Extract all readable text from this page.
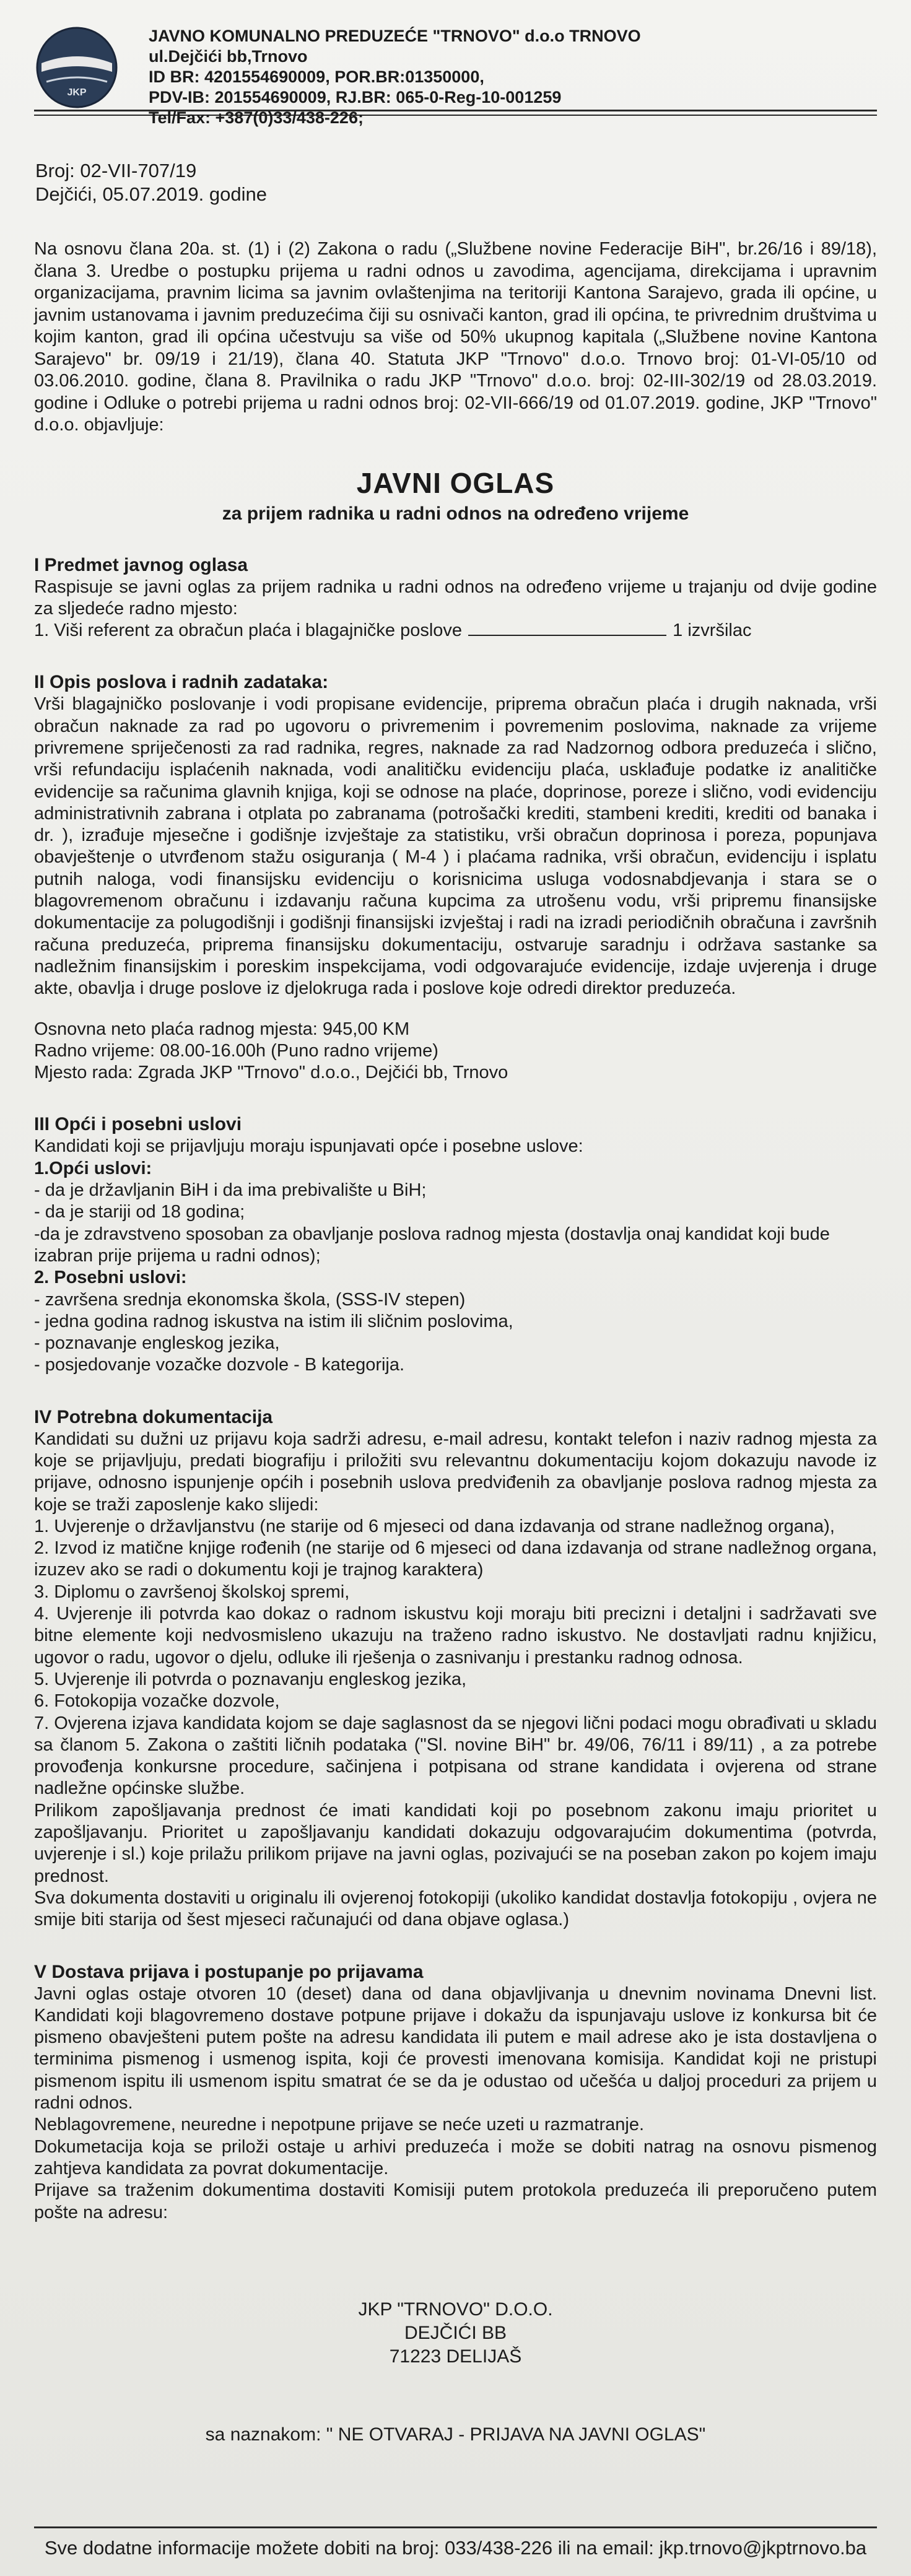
JKP
JAVNO KOMUNALNO PREDUZEĆE "TRNOVO" d.o.o TRNOVO
ul.Dejčići bb,Trnovo
ID BR: 4201554690009, POR.BR:01350000,
PDV-IB: 201554690009, RJ.BR: 065-0-Reg-10-001259
Tel/Fax: +387(0)33/438-226;
Broj: 02-VII-707/19
Dejčići, 05.07.2019. godine
Na osnovu člana 20a. st. (1) i (2) Zakona o radu („Službene novine Federacije BiH", br.26/16 i 89/18), člana 3. Uredbe o postupku prijema u radni odnos u zavodima, agencijama, direkcijama i upravnim organizacijama, pravnim licima sa javnim ovlaštenjima na teritoriji Kantona Sarajevo, grada ili općine, u javnim ustanovama i javnim preduzećima čiji su osnivači kanton, grad ili općina, te privrednim društvima u kojim kanton, grad ili općina učestvuju sa više od 50% ukupnog kapitala („Službene novine Kantona Sarajevo" br. 09/19 i 21/19), člana 40. Statuta JKP "Trnovo" d.o.o. Trnovo broj: 01-VI-05/10 od 03.06.2010. godine, člana 8. Pravilnika o radu JKP "Trnovo" d.o.o. broj: 02-III-302/19 od 28.03.2019. godine i Odluke o potrebi prijema u radni odnos broj: 02-VII-666/19 od 01.07.2019. godine, JKP "Trnovo" d.o.o. objavljuje:
JAVNI OGLAS
za prijem radnika u radni odnos na određeno vrijeme
I Predmet javnog oglasa
Raspisuje se javni oglas za prijem radnika u radni odnos na određeno vrijeme u trajanju od dvije godine za sljedeće radno mjesto:
1. Viši referent za obračun plaća i blagajničke poslove	1 izvršilac
II Opis poslova i radnih zadataka:
Vrši blagajničko poslovanje i vodi propisane evidencije, priprema obračun plaća i drugih naknada, vrši obračun naknade za rad po ugovoru o privremenim i povremenim poslovima, naknade za vrijeme privremene spriječenosti za rad radnika, regres, naknade za rad Nadzornog odbora preduzeća i slično, vrši refundaciju isplaćenih naknada, vodi analitičku evidenciju plaća, usklađuje podatke iz analitičke evidencije sa računima glavnih knjiga, koji se odnose na plaće, doprinose, poreze i slično, vodi evidenciju administrativnih zabrana i otplata po zabranama (potrošački krediti, stambeni krediti, krediti od banaka i dr. ), izrađuje mjesečne i godišnje izvještaje za statistiku, vrši obračun doprinosa i poreza, popunjava obavještenje o utvrđenom stažu osiguranja ( M-4 ) i plaćama radnika, vrši obračun, evidenciju i isplatu putnih naloga, vodi finansijsku evidenciju o korisnicima usluga vodosnabdjevanja i stara se o blagovremenom obračunu i izdavanju računa kupcima za utrošenu vodu, vrši pripremu finansijske dokumentacije za polugodišnji i godišnji finansijski izvještaj i radi na izradi periodičnih obračuna i završnih računa preduzeća, priprema finansijsku dokumentaciju, ostvaruje saradnju i održava sastanke sa nadležnim finansijskim i poreskim inspekcijama, vodi odgovarajuće evidencije, izdaje uvjerenja i druge akte, obavlja i druge poslove iz djelokruga rada i poslove koje odredi direktor preduzeća.
Osnovna neto plaća radnog mjesta: 945,00 KM
Radno vrijeme: 08.00-16.00h (Puno radno vrijeme)
Mjesto rada: Zgrada JKP "Trnovo" d.o.o., Dejčići bb, Trnovo
III Opći i posebni uslovi
Kandidati koji se prijavljuju moraju ispunjavati opće i posebne uslove:
1.Opći uslovi:
- da je državljanin BiH i da ima prebivalište u BiH;
- da je stariji od 18 godina;
-da je zdravstveno sposoban za obavljanje poslova radnog mjesta (dostavlja onaj kandidat koji bude izabran prije prijema u radni odnos);
2. Posebni uslovi:
- završena srednja ekonomska škola, (SSS-IV stepen)
- jedna godina radnog iskustva na istim ili sličnim poslovima,
- poznavanje engleskog jezika,
- posjedovanje vozačke dozvole - B kategorija.
IV Potrebna dokumentacija
Kandidati su dužni uz prijavu koja sadrži adresu, e-mail adresu, kontakt telefon i naziv radnog mjesta za koje se prijavljuju, predati biografiju i priložiti svu relevantnu dokumentaciju kojom dokazuju navode iz prijave, odnosno ispunjenje općih i posebnih uslova predviđenih za obavljanje poslova radnog mjesta za koje se traži zaposlenje kako slijedi:
1. Uvjerenje o državljanstvu (ne starije od 6 mjeseci od dana izdavanja od strane nadležnog organa),
2. Izvod iz matične knjige rođenih (ne starije od 6 mjeseci od dana izdavanja od strane nadležnog organa, izuzev ako se radi o dokumentu koji je trajnog karaktera)
3. Diplomu o završenoj školskoj spremi,
4. Uvjerenje ili potvrda kao dokaz o radnom iskustvu koji moraju biti precizni i detaljni i sadržavati sve bitne elemente koji nedvosmisleno ukazuju na traženo radno iskustvo. Ne dostavljati radnu knjižicu, ugovor o radu, ugovor o djelu, odluke ili rješenja o zasnivanju i prestanku radnog odnosa.
5. Uvjerenje ili potvrda o poznavanju engleskog jezika,
6. Fotokopija vozačke dozvole,
7. Ovjerena izjava kandidata kojom se daje saglasnost da se njegovi lični podaci mogu obrađivati u skladu sa članom 5. Zakona o zaštiti ličnih podataka ("Sl. novine BiH" br. 49/06, 76/11 i 89/11) , a za potrebe provođenja konkursne procedure, sačinjena i potpisana od strane kandidata i ovjerena od strane nadležne općinske službe.
Prilikom zapošljavanja prednost će imati kandidati koji po posebnom zakonu imaju prioritet u zapošljavanju. Prioritet u zapošljavanju kandidati dokazuju odgovarajućim dokumentima (potvrda, uvjerenje i sl.) koje prilažu prilikom prijave na javni oglas, pozivajući se na poseban zakon po kojem imaju prednost.
Sva dokumenta dostaviti u originalu ili ovjerenoj fotokopiji (ukoliko kandidat dostavlja fotokopiju , ovjera ne smije biti starija od šest mjeseci računajući od dana objave oglasa.)
V Dostava prijava i postupanje po prijavama
Javni oglas ostaje otvoren 10 (deset) dana od dana objavljivanja u dnevnim novinama Dnevni list. Kandidati koji blagovremeno dostave potpune prijave i dokažu da ispunjavaju uslove iz konkursa bit će pismeno obavješteni putem pošte na adresu kandidata ili putem e mail adrese ako je ista dostavljena o terminima pismenog i usmenog ispita, koji će provesti imenovana komisija. Kandidat koji ne pristupi pismenom ispitu ili usmenom ispitu smatrat će se da je odustao od učešća u daljoj proceduri za prijem u radni odnos.
Neblagovremene, neuredne i nepotpune prijave se neće uzeti u razmatranje.
Dokumetacija koja se priloži ostaje u arhivi preduzeća i može se dobiti natrag na osnovu pismenog zahtjeva kandidata za povrat dokumentacije.
Prijave sa traženim dokumentima dostaviti Komisiji putem protokola preduzeća ili preporučeno putem pošte na adresu:
JKP "TRNOVO" D.O.O.
DEJČIĆI BB
71223 DELIJAŠ
sa naznakom: " NE OTVARAJ - PRIJAVA NA JAVNI OGLAS"
Sve dodatne informacije možete dobiti na broj: 033/438-226 ili na email: jkp.trnovo@jkptrnovo.ba
